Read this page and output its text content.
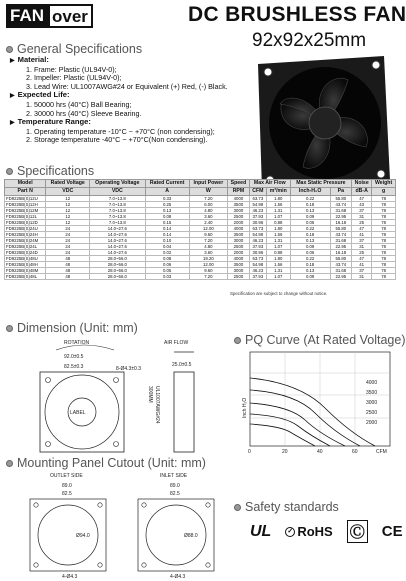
FAN over	DC BRUSHLESS FAN
92x92x25mm
General Specifications
▶ Material:
1. Frame: Plastic (UL94V-0);
2. Impeller: Plastic (UL94V-0);
3. Lead Wire: UL1007AWG#24 or Equivalent (+) Red, (-) Black.
▶ Expected Life:
1. 50000 hrs (40°C) Ball Bearing;
2. 30000 hrs (40°C) Sleeve Bearing.
▶ Temperature Range:
1. Operating temperature -10°C ~ +70°C (non condensing);
2. Storage temperature -40°C ~ +70°C(Non condensing).
Specifications
Model	Rated Voltage	Operating Voltage	Rated Current	Input Power	Speed	Max Air Flow		Max Static Pressure		Noise	Weight
Part N	VDC	VDC	A	W	RPM	CFM	m³/min	Inch-H₂O	Pa	dB-A	g
FD9225B(S)12U	12	7.0~13.8	0.33	7.20	4000	63.73	1.80	0.22	55.80	47	78
FD9225B(S)12H	12	7.0~13.8	0.25	6.00	3500	54.98	1.56	0.18	43.74	43	78
FD9225B(S)12M	12	7.0~13.8	0.13	4.80	3000	46.23	1.31	0.13	31.68	37	78
FD9225B(S)12L	12	7.0~13.8	0.08	3.60	2500	37.93	1.07	0.09	22.95	31	78
FD9225B(S)12D	12	7.0~13.8	0.15	2.40	2000	30.96	0.88	0.06	16.18	25	78
FD9225B(S)24U	24	14.0~27.6	0.14	12.00	4000	63.73	1.80	0.22	55.80	47	78
FD9225B(S)24H	24	14.0~27.6	0.14	9.60	3500	54.98	1.56	0.18	43.74	41	78
FD9225B(S)24M	24	14.0~27.6	0.10	7.20	3000	46.23	1.31	0.13	31.68	37	78
FD9225B(S)24L	24	14.0~27.6	0.04	4.80	2500	37.93	1.07	0.09	22.95	31	78
FD9225B(S)24D	24	14.0~27.6	0.02	3.60	2000	30.96	0.88	0.06	16.18	25	78
FD9225B(S)48U	48	28.0~56.0	0.08	19.20	4000	63.73	1.80	0.22	55.80	47	78
FD9225B(S)48H	48	28.0~56.0	0.06	12.00	3500	54.98	1.56	0.18	43.74	41	78
FD9225B(S)48M	48	28.0~56.0	0.05	9.60	3000	46.23	1.31	0.13	31.68	37	78
FD9225B(S)48L	48	28.0~56.0	0.03	7.20	2500	37.93	1.07	0.09	22.95	31	78
Specification are subject to change without notice.
Dimension (Unit: mm)
ROTATION
92.0±0.5
82.5±0.3
LABEL
8-Ø4.3±0.3
AIR FLOW
25.0±0.5
UL1007AWG#24
300MM
PQ Curve (At Rated Voltage)
4000
3500
3000
2500
2000
0	20	40	60	CFM
Inch H₂O
Mounting Panel Cutout (Unit: mm)
OUTLET SIDE
89.0
82.5
Ø94.0
4-Ø4.3
INLET SIDE
89.0
82.5
Ø88.0
4-Ø4.3
Safety standards
UL ✓ RoHS Ⓒ CE
